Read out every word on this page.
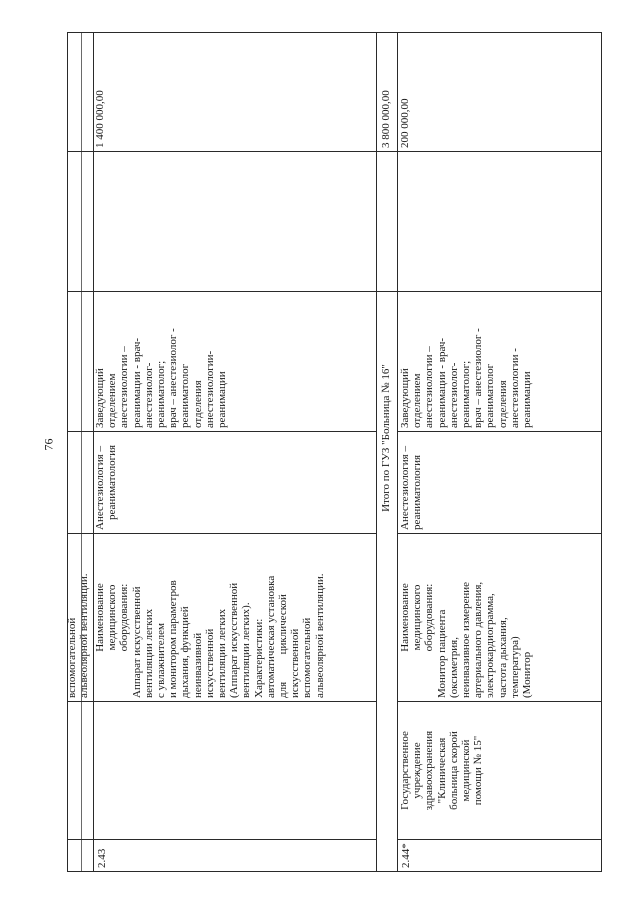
76
вспомогательной альвеолярной вентиляции.
2.43
Наименование медицинского оборудования: Аппарат искусственной вентиляции легких с увлажнителем и монитором параметров дыхания, функцией неинвазивной искусственной вентиляции легких (Аппарат искусственной вентиляции легких). Характеристики: автоматическая установка для          циклической искусственной вспомогательной альвеолярной вентиляции.
Анестезиология – реаниматология
Заведующий отделением анестезиологии – реанимации - врач- анестезиолог- реаниматолог; врач – анестезиолог - реаниматолог отделения анестезиологии- реанимации
1 400 000,00
Итого по ГУЗ "Больница № 16"
3 800 000,00
2.44*
Государственное учреждение здравоохранения "Клиническая больница скорой медицинской помощи № 15"
Наименование медицинского оборудования: Монитор пациента (оксиметрия, неинвазивное измерение артериального давления, электрокардиограмма, частота дыхания, температура) (Монитор
Анестезиология – реаниматология
Заведующий отделением анестезиологии – реанимации - врач- анестезиолог- реаниматолог; врач – анестезиолог - реаниматолог отделения анестезиологии - реанимации
200 000,00
